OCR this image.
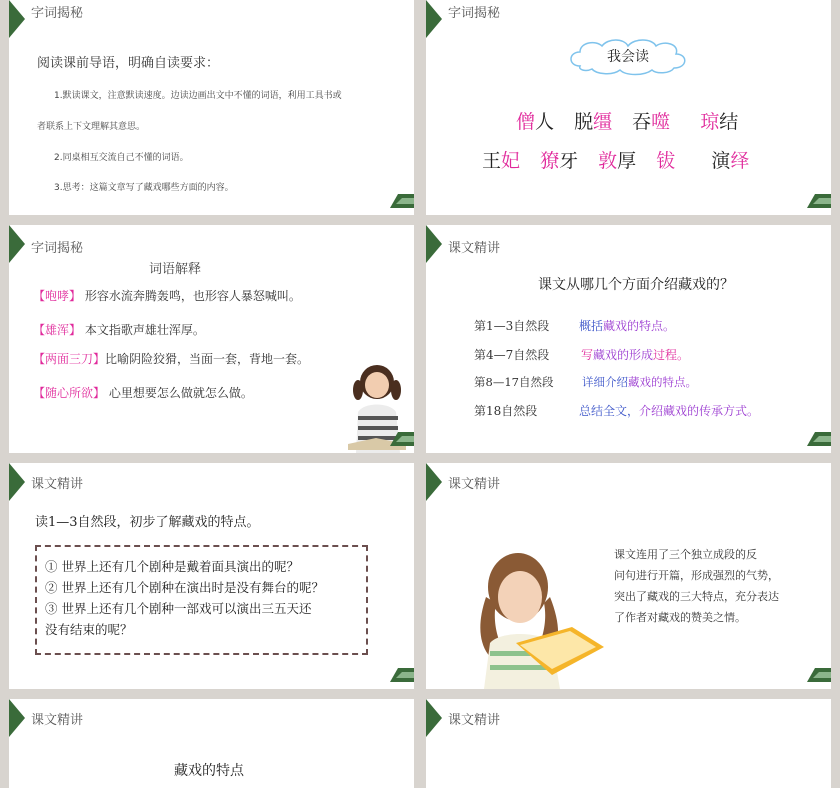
字词揭秘
阅读课前导语，明确自读要求：
1.默读课文，注意默读速度。边读边画出文中不懂的词语，利用工具书或
者联系上下文理解其意思。
2.同桌相互交流自己不懂的词语。
3.思考：这篇文章写了藏戏哪些方面的内容。
字词揭秘
我会读
僧人 脱缰 吞噬 琼结
王妃 獠牙 敦厚 钹 演绎
字词揭秘
词语解释
【咆哮】 形容水流奔腾轰鸣，也形容人暴怒喊叫。
【雄浑】 本文指歌声雄壮浑厚。
【两面三刀】比喻阴险狡猾，当面一套，背地一套。
【随心所欲】 心里想要怎么做就怎么做。
课文精讲
课文从哪几个方面介绍藏戏的？
第1—3自然段 概括藏戏的特点。
第4—7自然段	写藏戏的形成过程。
第8—17自然段 详细介绍藏戏的特点。
第18自然段	总结全文，介绍藏戏的传承方式。
课文精讲
读1—3自然段，初步了解藏戏的特点。
① 世界上还有几个剧种是戴着面具演出的呢？
② 世界上还有几个剧种在演出时是没有舞台的呢？
③ 世界上还有几个剧种一部戏可以演出三五天还
没有结束的呢？
课文精讲
课文连用了三个独立成段的反
问句进行开篇，形成强烈的气势，
突出了藏戏的三大特点，充分表达
了作者对藏戏的赞美之情。
课文精讲
藏戏的特点
课文精讲
